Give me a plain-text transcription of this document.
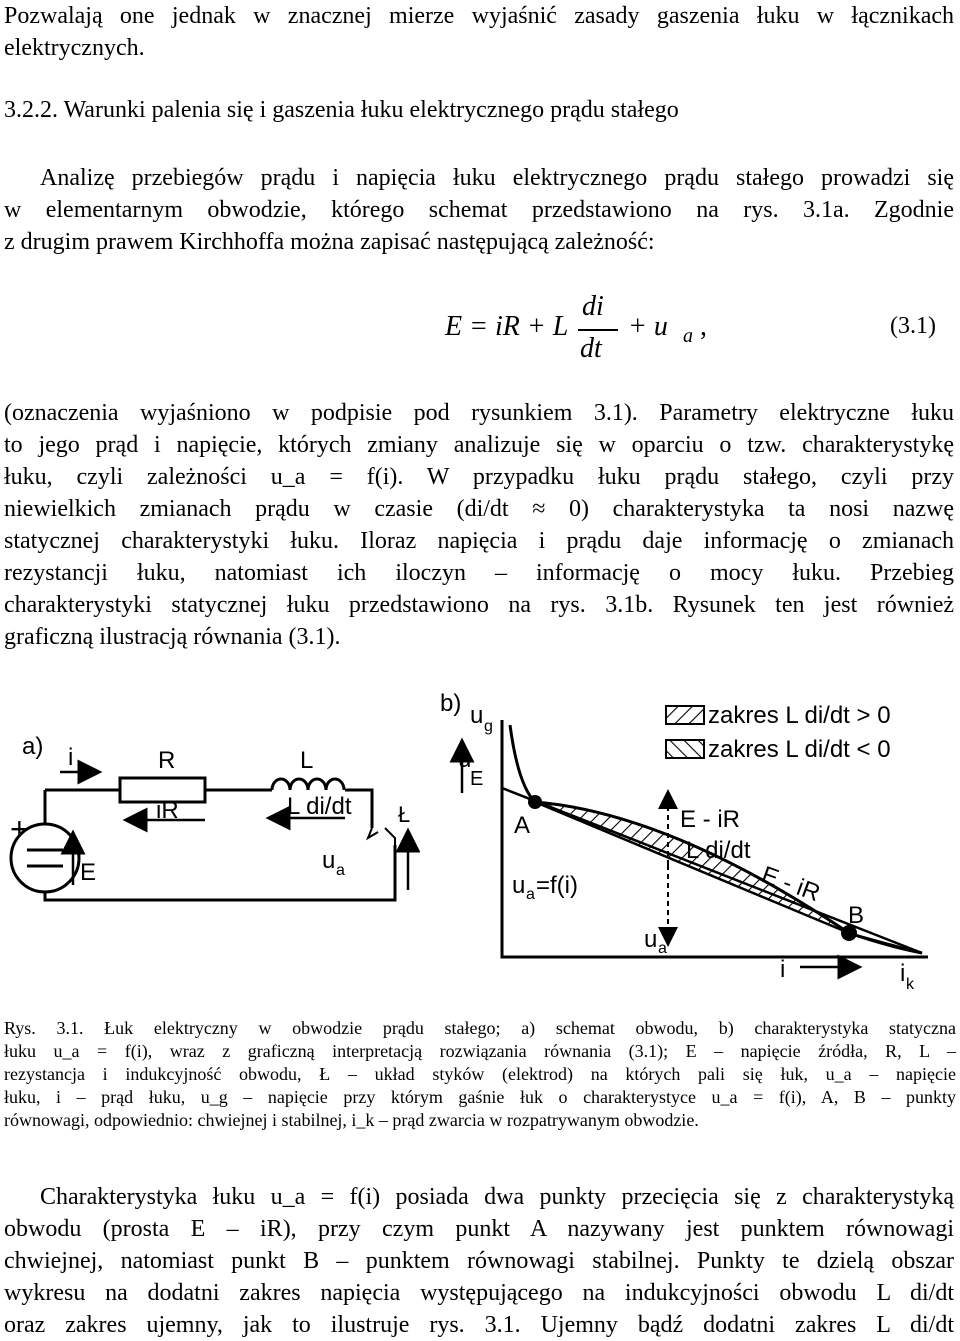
Pozwalają one jednak w znacznej mierze wyjaśnić zasady gaszenia łuku w łącznikach
elektrycznych.
3.2.2. Warunki palenia się i gaszenia łuku elektrycznego prądu stałego
Analizę przebiegów prądu i napięcia łuku elektrycznego prądu stałego prowadzi się
w elementarnym obwodzie, którego schemat przedstawiono na rys. 3.1a. Zgodnie
z drugim prawem Kirchhoffa można zapisać następującą zależność:
E = iR + L
di
dt
+ u a ,	(3.1)
(oznaczenia wyjaśniono w podpisie pod rysunkiem 3.1). Parametry elektryczne łuku
to jego prąd i napięcie, których zmiany analizuje się w oparciu o tzw. charakterystykę
łuku, czyli zależności u_a = f(i). W przypadku łuku prądu stałego, czyli przy
niewielkich zmianach prądu w czasie (di/dt ≈ 0) charakterystyka ta nosi nazwę
statycznej charakterystyki łuku. Iloraz napięcia i prądu daje informację o zmianach
rezystancji łuku, natomiast ich iloczyn – informację o mocy łuku. Przebieg
charakterystyki statycznej łuku przedstawiono na rys. 3.1b. Rysunek ten jest również
graficzną ilustracją równania (3.1).
a)
+
E
i	R
iR
L
L di/dt Ł
u a
b) u g
u
E
A
B
u a =f(i)
E - iR
L di/dt
u a
E - iR
i	i k
zakres L di/dt > 0
zakres L di/dt < 0
Rys. 3.1. Łuk elektryczny w obwodzie prądu stałego; a) schemat obwodu, b) charakterystyka statyczna
łuku u_a = f(i), wraz z graficzną interpretacją rozwiązania równania (3.1); E – napięcie źródła, R, L –
rezystancja i indukcyjność obwodu, Ł – układ styków (elektrod) na których pali się łuk, u_a – napięcie
łuku, i – prąd łuku, u_g – napięcie przy którym gaśnie łuk o charakterystyce u_a = f(i), A, B – punkty
równowagi, odpowiednio: chwiejnej i stabilnej, i_k – prąd zwarcia w rozpatrywanym obwodzie.
Charakterystyka łuku u_a = f(i) posiada dwa punkty przecięcia się z charakterystyką
obwodu (prosta E – iR), przy czym punkt A nazywany jest punktem równowagi
chwiejnej, natomiast punkt B – punktem równowagi stabilnej. Punkty te dzielą obszar
wykresu na dodatni zakres napięcia występującego na indukcyjności obwodu L di/dt
oraz zakres ujemny, jak to ilustruje rys. 3.1. Ujemny bądź dodatni zakres L di/dt
